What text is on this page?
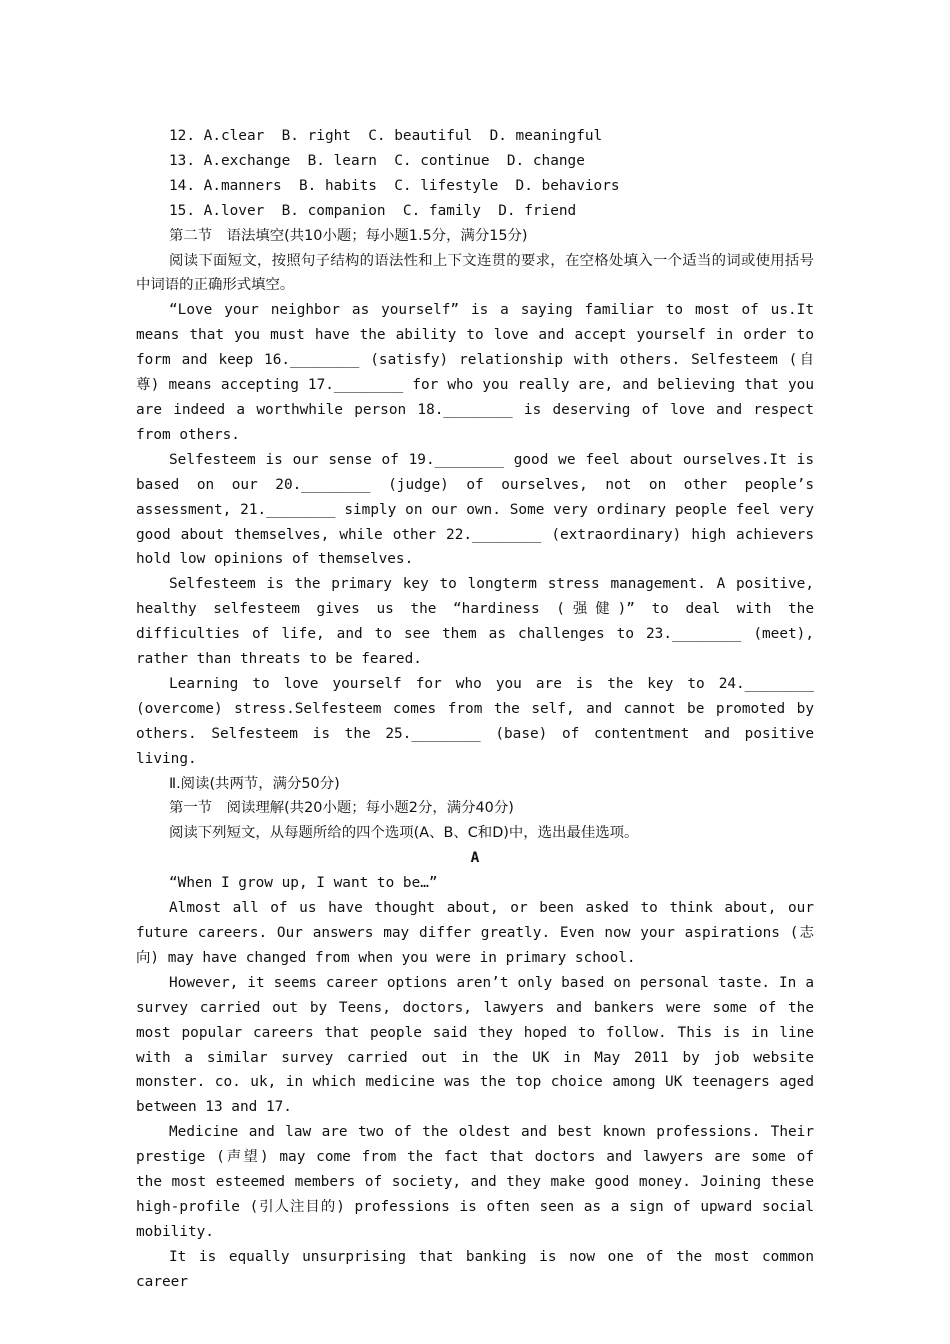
12. A.clear  B. right  C. beautiful  D. meaningful

13. A.exchange  B. learn  C. continue  D. change

14. A.manners  B. habits  C. lifestyle  D. behaviors

15. A.lover  B. companion  C. family  D. friend

第二节　语法填空(共10小题；每小题1.5分，满分15分)

阅读下面短文，按照句子结构的语法性和上下文连贯的要求，在空格处填入一个适当的词或使用括号中词语的正确形式填空。

“Love your neighbor as yourself” is a saying familiar to most of us.It means that you must have the ability to love and accept yourself in order to form and keep 16.________ (satisfy) relationship with others. Selfesteem (自尊) means accepting 17.________ for who you really are, and believing that you are indeed a worthwhile person 18.________ is deserving of love and respect from others.

Selfesteem is our sense of 19.________ good we feel about ourselves.It is based on our 20.________ (judge) of ourselves, not on other people’s assessment, 21.________ simply on our own. Some very ordinary people feel very good about themselves, while other 22.________ (extraordinary) high achievers hold low opinions of themselves.

Selfesteem is the primary key to longterm stress management. A positive, healthy selfesteem gives us the “hardiness (强健)” to deal with the difficulties of life, and to see them as challenges to 23.________ (meet), rather than threats to be feared.

Learning to love yourself for who you are is the key to 24.________ (overcome) stress.Selfesteem comes from the self, and cannot be promoted by others. Selfesteem is the 25.________ (base) of contentment and positive living.

Ⅱ.阅读(共两节，满分50分)

第一节　阅读理解(共20小题；每小题2分，满分40分)

阅读下列短文，从每题所给的四个选项(A、B、C和D)中，选出最佳选项。

A

“When I grow up, I want to be…”

Almost all of us have thought about, or been asked to think about, our future careers. Our answers may differ greatly. Even now your aspirations (志向) may have changed from when you were in primary school.

However, it seems career options aren’t only based on personal taste. In a survey carried out by Teens, doctors, lawyers and bankers were some of the most popular careers that people said they hoped to follow. This is in line with a similar survey carried out in the UK in May 2011 by job website monster. co. uk, in which medicine was the top choice among UK teenagers aged between 13 and 17.

Medicine and law are two of the oldest and best known professions. Their prestige (声望) may come from the fact that doctors and lawyers are some of the most esteemed members of society, and they make good money. Joining these high-profile (引人注目的) professions is often seen as a sign of upward social mobility.

It is equally unsurprising that banking is now one of the most common career
